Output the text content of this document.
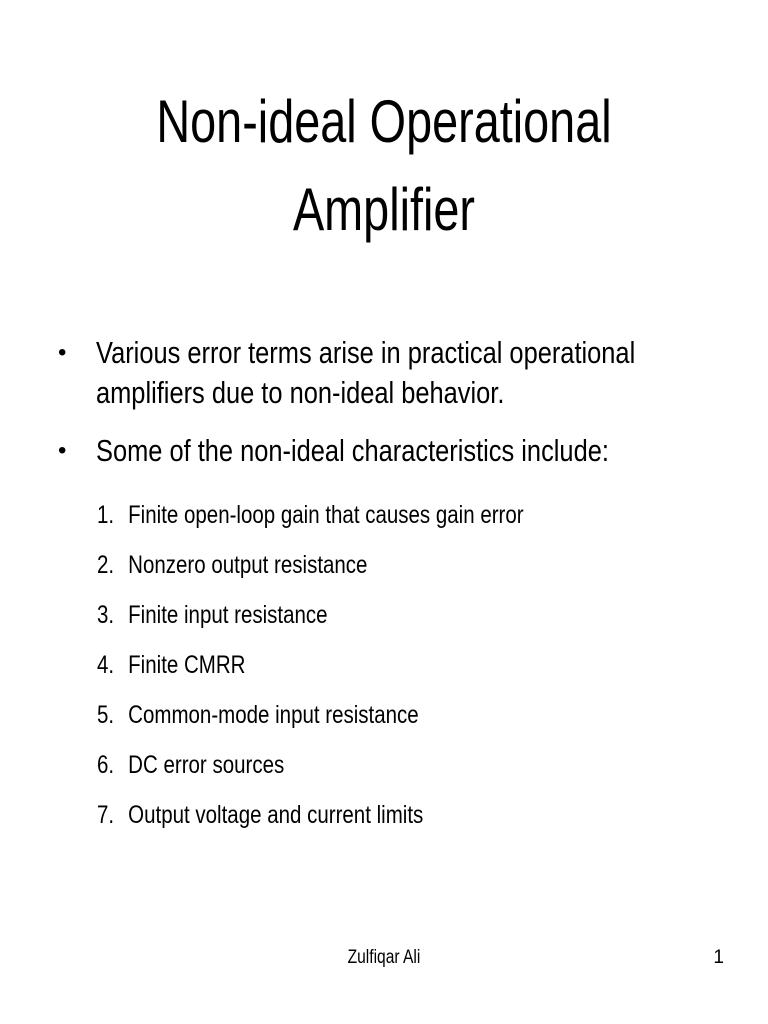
Non-ideal Operational
Amplifier
• Various error terms arise in practical operational
amplifiers due to non-ideal behavior.
• Some of the non-ideal characteristics include:
1. Finite open-loop gain that causes gain error
2. Nonzero output resistance
3. Finite input resistance
4. Finite CMRR
5. Common-mode input resistance
6. DC error sources
7. Output voltage and current limits
Zulfiqar Ali	1
